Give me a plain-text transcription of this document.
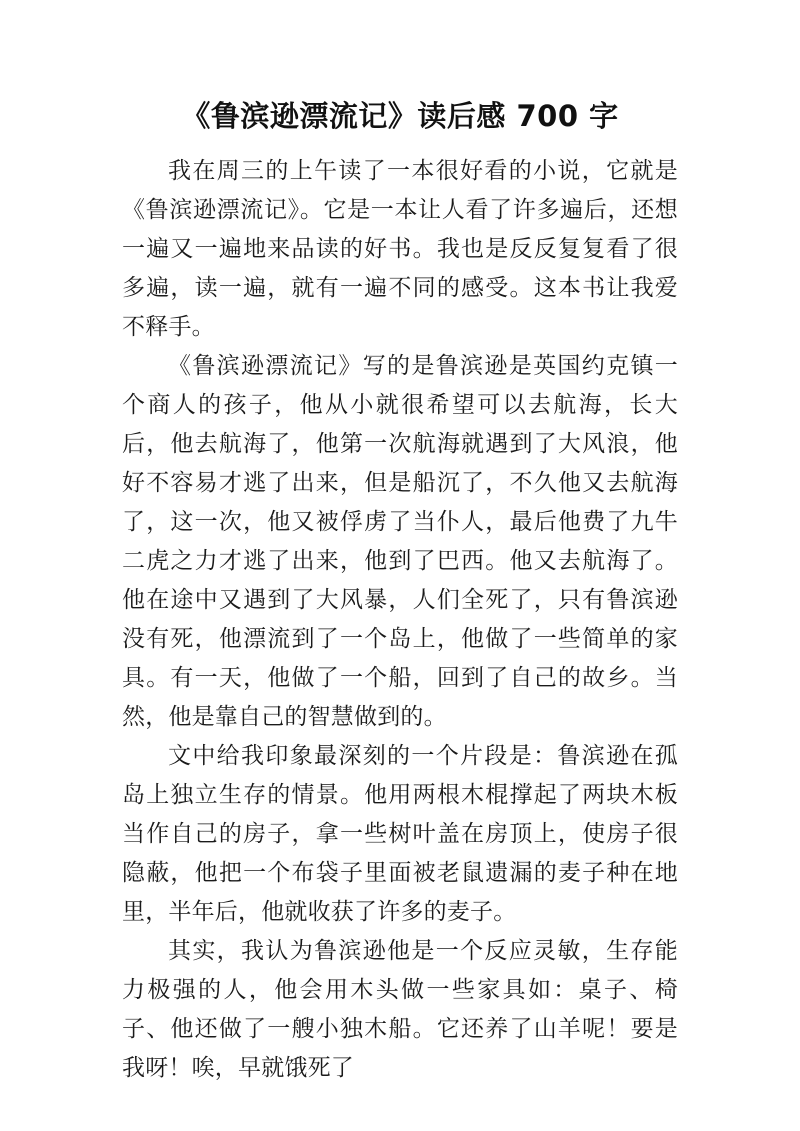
《鲁滨逊漂流记》读后感 700 字

我在周三的上午读了一本很好看的小说，它就是《鲁滨逊漂流记》。它是一本让人看了许多遍后，还想一遍又一遍地来品读的好书。我也是反反复复看了很多遍，读一遍，就有一遍不同的感受。这本书让我爱不释手。

《鲁滨逊漂流记》写的是鲁滨逊是英国约克镇一个商人的孩子，他从小就很希望可以去航海，长大后，他去航海了，他第一次航海就遇到了大风浪，他好不容易才逃了出来，但是船沉了，不久他又去航海了，这一次，他又被俘虏了当仆人，最后他费了九牛二虎之力才逃了出来，他到了巴西。他又去航海了。他在途中又遇到了大风暴，人们全死了，只有鲁滨逊没有死，他漂流到了一个岛上，他做了一些简单的家具。有一天，他做了一个船，回到了自己的故乡。当然，他是靠自己的智慧做到的。

文中给我印象最深刻的一个片段是：鲁滨逊在孤岛上独立生存的情景。他用两根木棍撑起了两块木板当作自己的房子，拿一些树叶盖在房顶上，使房子很隐蔽，他把一个布袋子里面被老鼠遗漏的麦子种在地里，半年后，他就收获了许多的麦子。

其实，我认为鲁滨逊他是一个反应灵敏，生存能力极强的人，他会用木头做一些家具如：桌子、椅子、他还做了一艘小独木船。它还养了山羊呢！要是我呀！唉，早就饿死了
